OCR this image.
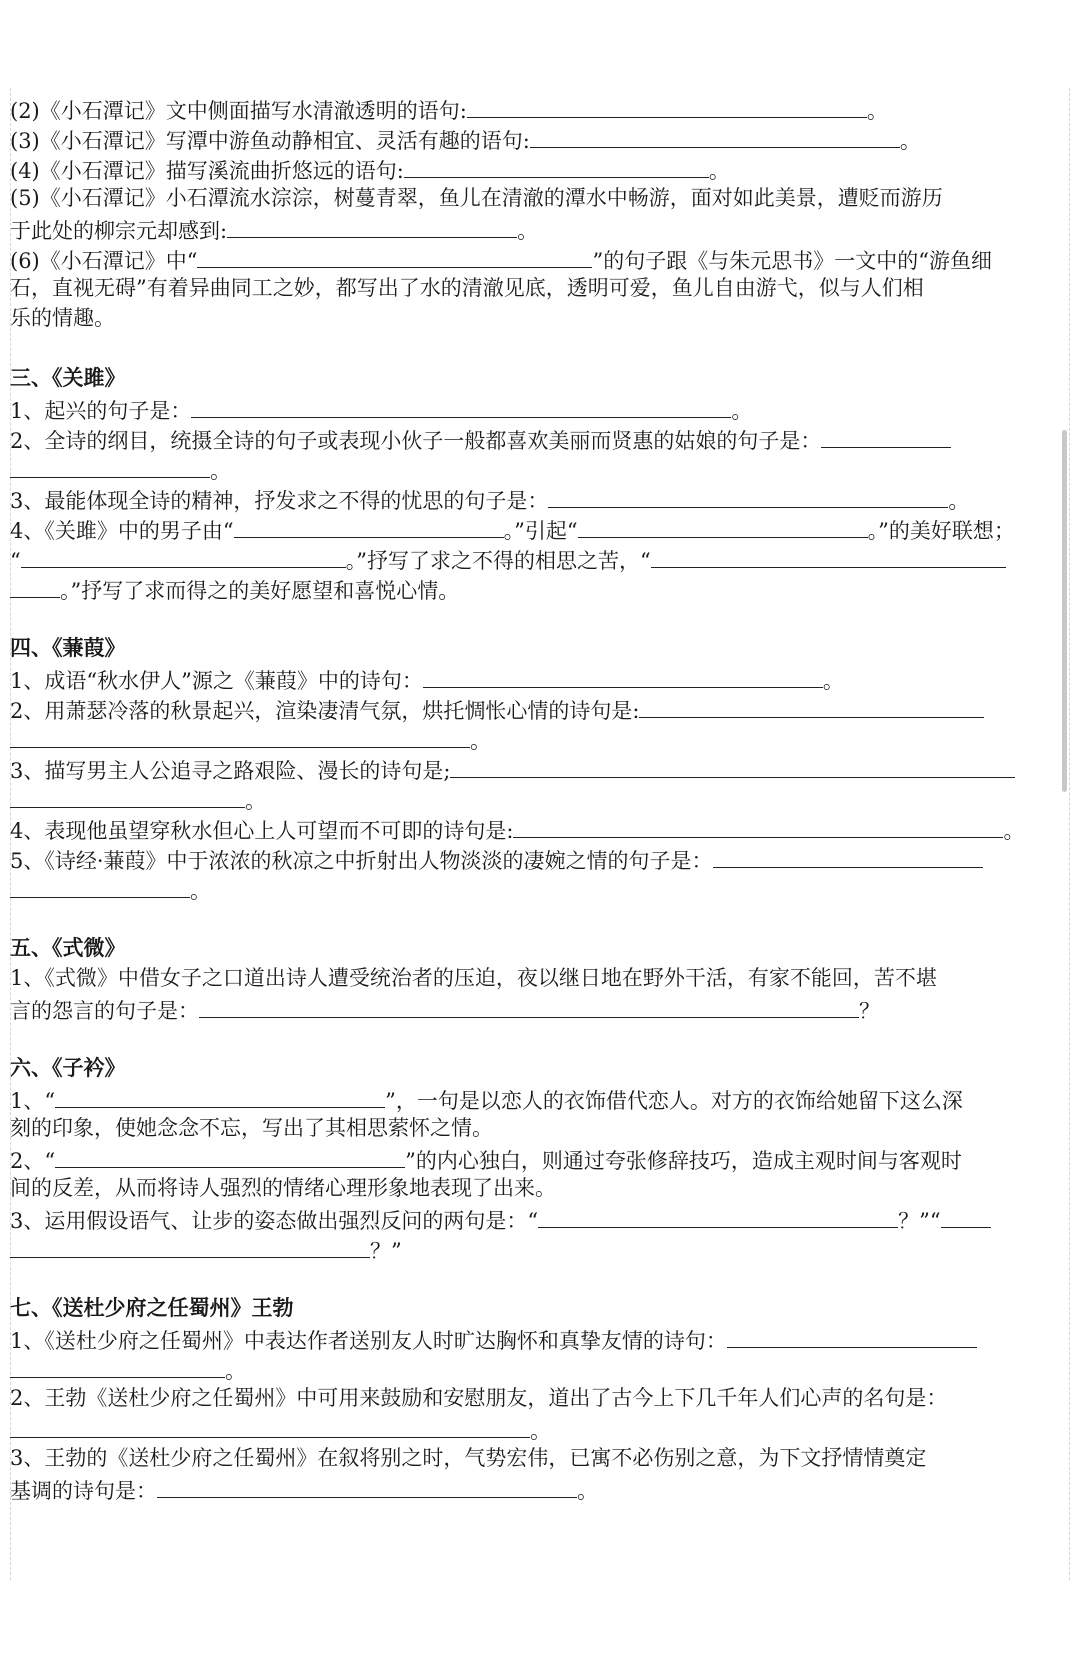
(2)《小石潭记》文中侧面描写水清澈透明的语句:	。
(3)《小石潭记》写潭中游鱼动静相宜、灵活有趣的语句:	。
(4)《小石潭记》描写溪流曲折悠远的语句:	。
(5)《小石潭记》小石潭流水淙淙，树蔓青翠，鱼儿在清澈的潭水中畅游，面对如此美景，遭贬而游历
于此处的柳宗元却感到:	。
(6)《小石潭记》中“	”的句子跟《与朱元思书》一文中的“游鱼细
石，直视无碍”有着异曲同工之妙，都写出了水的清澈见底，透明可爱，鱼儿自由游弋，似与人们相
乐的情趣。
三、《关雎》
1、起兴的句子是：	。
2、全诗的纲目，统摄全诗的句子或表现小伙子一般都喜欢美丽而贤惠的姑娘的句子是：
。
3、最能体现全诗的精神，抒发求之不得的忧思的句子是：	。
4、《关雎》中的男子由“	。”引起“	。”的美好联想；
“	。”抒写了求之不得的相思之苦，“
。”抒写了求而得之的美好愿望和喜悦心情。
四、《蒹葭》
1、成语“秋水伊人”源之《蒹葭》中的诗句：	。
2、用萧瑟冷落的秋景起兴，渲染凄清气氛，烘托惆怅心情的诗句是:
。
3、描写男主人公追寻之路艰险、漫长的诗句是;
。
4、表现他虽望穿秋水但心上人可望而不可即的诗句是:	。
5、《诗经·蒹葭》中于浓浓的秋凉之中折射出人物淡淡的凄婉之情的句子是：
。
五、《式微》
1、《式微》中借女子之口道出诗人遭受统治者的压迫，夜以继日地在野外干活，有家不能回，苦不堪
言的怨言的句子是：	？
六、《子衿》
1、“	”，一句是以恋人的衣饰借代恋人。对方的衣饰给她留下这么深
刻的印象，使她念念不忘，写出了其相思萦怀之情。
2、“	”的内心独白，则通过夸张修辞技巧，造成主观时间与客观时
间的反差，从而将诗人强烈的情绪心理形象地表现了出来。
3、运用假设语气、让步的姿态做出强烈反问的两句是：“	？”“
？”
七、《送杜少府之任蜀州》王勃
1、《送杜少府之任蜀州》中表达作者送别友人时旷达胸怀和真挚友情的诗句：
。
2、王勃《送杜少府之任蜀州》中可用来鼓励和安慰朋友，道出了古今上下几千年人们心声的名句是：
。
3、王勃的《送杜少府之任蜀州》在叙将别之时，气势宏伟，已寓不必伤别之意，为下文抒情情奠定
基调的诗句是：	。
